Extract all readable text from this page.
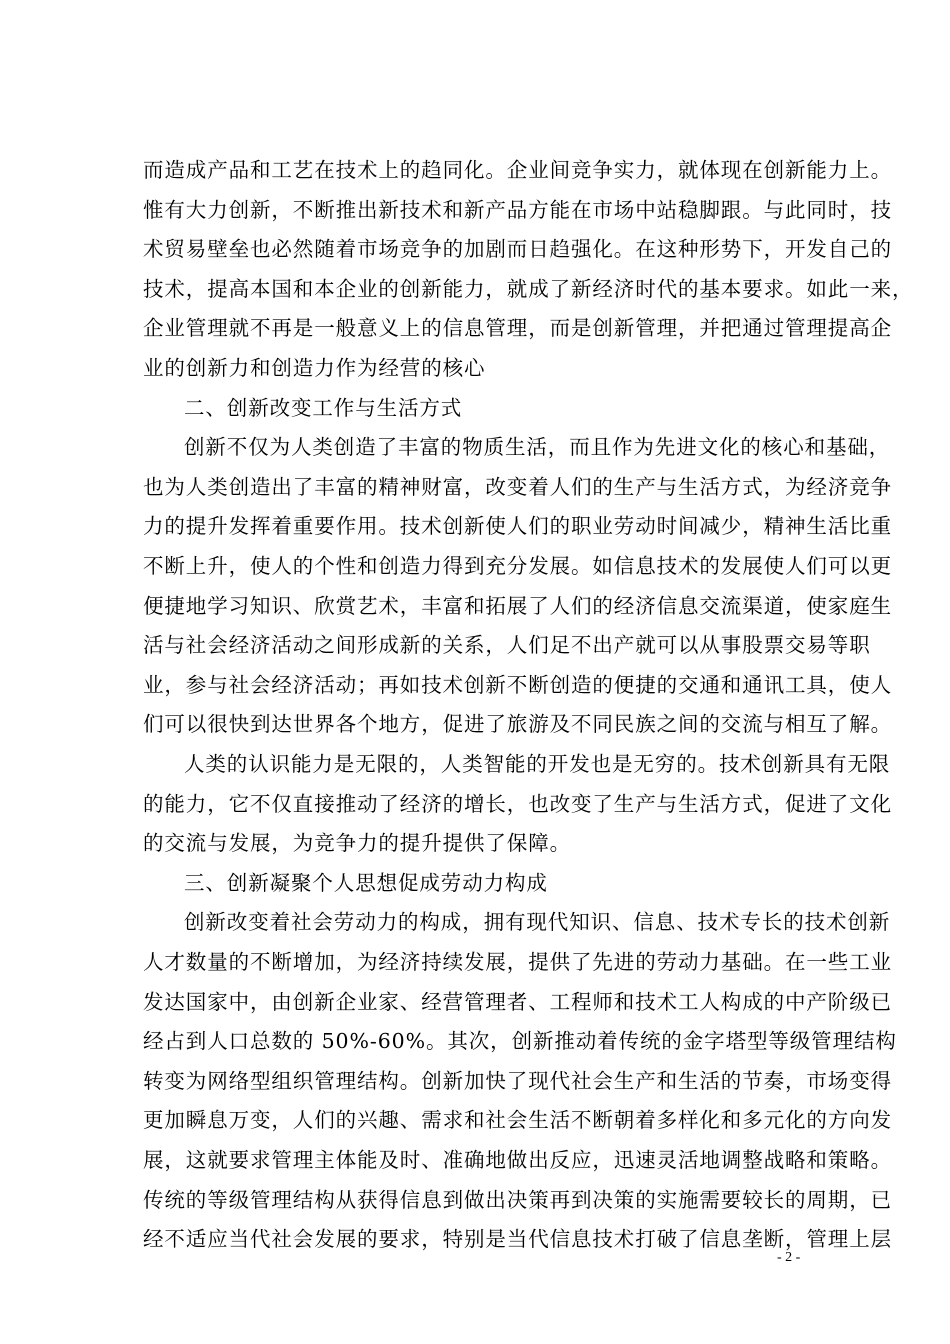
而造成产品和工艺在技术上的趋同化。企业间竞争实力，就体现在创新能力上。
惟有大力创新，不断推出新技术和新产品方能在市场中站稳脚跟。与此同时，技
术贸易壁垒也必然随着市场竞争的加剧而日趋强化。在这种形势下，开发自己的
技术，提高本国和本企业的创新能力，就成了新经济时代的基本要求。如此一来，
企业管理就不再是一般意义上的信息管理，而是创新管理，并把通过管理提高企
业的创新力和创造力作为经营的核心
二、创新改变工作与生活方式
创新不仅为人类创造了丰富的物质生活，而且作为先进文化的核心和基础，
也为人类创造出了丰富的精神财富，改变着人们的生产与生活方式，为经济竞争
力的提升发挥着重要作用。技术创新使人们的职业劳动时间减少，精神生活比重
不断上升，使人的个性和创造力得到充分发展。如信息技术的发展使人们可以更
便捷地学习知识、欣赏艺术，丰富和拓展了人们的经济信息交流渠道，使家庭生
活与社会经济活动之间形成新的关系，人们足不出产就可以从事股票交易等职
业，参与社会经济活动；再如技术创新不断创造的便捷的交通和通讯工具，使人
们可以很快到达世界各个地方，促进了旅游及不同民族之间的交流与相互了解。
人类的认识能力是无限的，人类智能的开发也是无穷的。技术创新具有无限
的能力，它不仅直接推动了经济的增长，也改变了生产与生活方式，促进了文化
的交流与发展，为竞争力的提升提供了保障。
三、创新凝聚个人思想促成劳动力构成
创新改变着社会劳动力的构成，拥有现代知识、信息、技术专长的技术创新
人才数量的不断增加，为经济持续发展，提供了先进的劳动力基础。在一些工业
发达国家中，由创新企业家、经营管理者、工程师和技术工人构成的中产阶级已
经占到人口总数的 50%-60%。其次，创新推动着传统的金字塔型等级管理结构
转变为网络型组织管理结构。创新加快了现代社会生产和生活的节奏，市场变得
更加瞬息万变，人们的兴趣、需求和社会生活不断朝着多样化和多元化的方向发
展，这就要求管理主体能及时、准确地做出反应，迅速灵活地调整战略和策略。
传统的等级管理结构从获得信息到做出决策再到决策的实施需要较长的周期，已
经不适应当代社会发展的要求，特别是当代信息技术打破了信息垄断，管理上层
- 2 -
